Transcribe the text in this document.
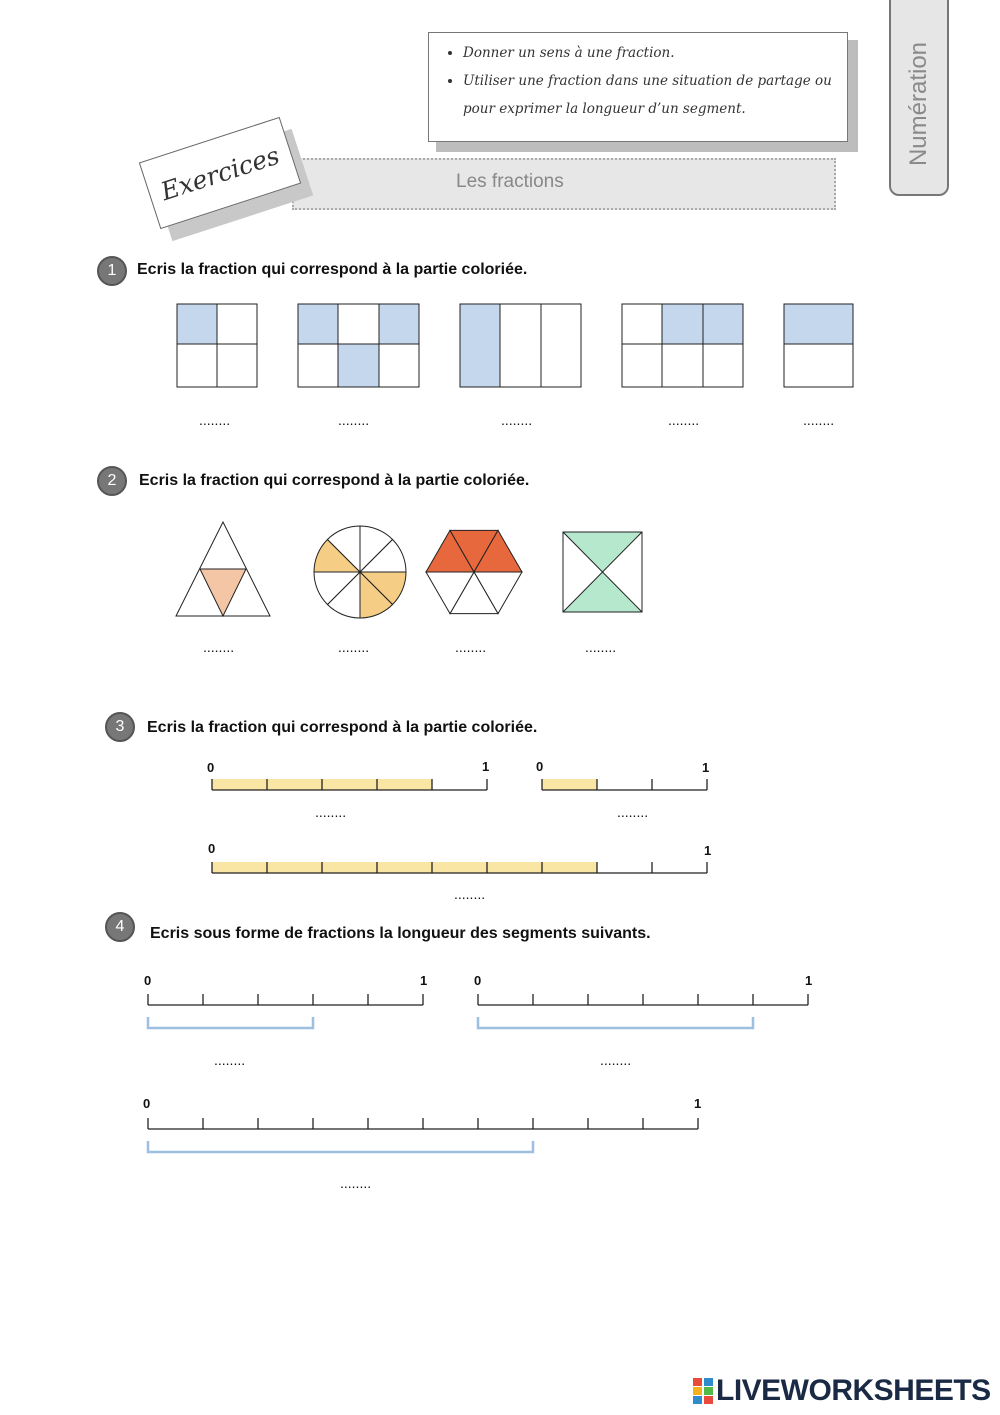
• Donner un sens à une fraction.
• Utiliser une fraction dans une situation de partage ou pour exprimer la longueur d’un segment.	Numération
Les fractions
Exercices
1 Ecris la fraction qui correspond à la partie coloriée.
2 Ecris la fraction qui correspond à la partie coloriée.
3 Ecris la fraction qui correspond à la partie coloriée.
4 Ecris sous forme de fractions la longueur des segments suivants.
........	........	........	........	........
........	........	........	........
0	1	0	1
0	1
........	........
........
0	1	0	1
0	1
........	........
........
LIVEWORKSHEETS
